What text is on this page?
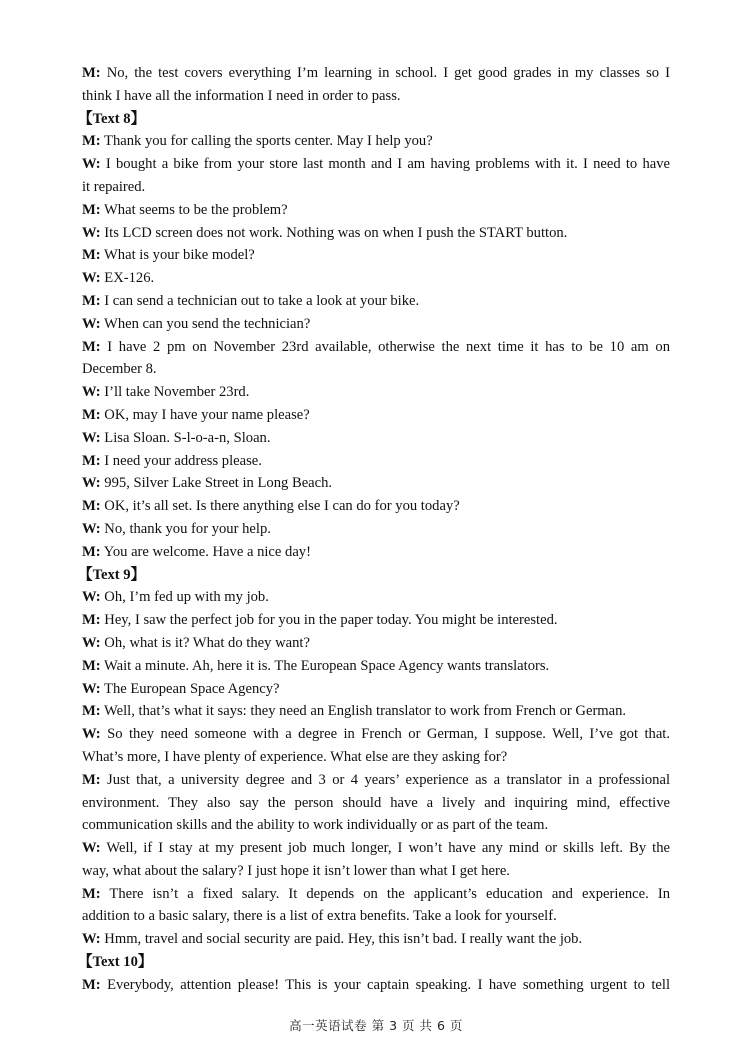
M: No, the test covers everything I’m learning in school. I get good grades in my classes so I
think I have all the information I need in order to pass.
【Text 8】
M: Thank you for calling the sports center. May I help you?
W: I bought a bike from your store last month and I am having problems with it. I need to have
it repaired.
M: What seems to be the problem?
W: Its LCD screen does not work. Nothing was on when I push the START button.
M: What is your bike model?
W: EX-126.
M: I can send a technician out to take a look at your bike.
W: When can you send the technician?
M: I have 2 pm on November 23rd available, otherwise the next time it has to be 10 am on
December 8.
W: I’ll take November 23rd.
M: OK, may I have your name please?
W: Lisa Sloan. S-l-o-a-n, Sloan.
M: I need your address please.
W: 995, Silver Lake Street in Long Beach.
M: OK, it’s all set. Is there anything else I can do for you today?
W: No, thank you for your help.
M: You are welcome. Have a nice day!
【Text 9】
W: Oh, I’m fed up with my job.
M: Hey, I saw the perfect job for you in the paper today. You might be interested.
W: Oh, what is it? What do they want?
M: Wait a minute. Ah, here it is. The European Space Agency wants translators.
W: The European Space Agency?
M: Well, that’s what it says: they need an English translator to work from French or German.
W: So they need someone with a degree in French or German, I suppose. Well, I’ve got that.
What’s more, I have plenty of experience. What else are they asking for?
M: Just that, a university degree and 3 or 4 years’ experience as a translator in a professional
environment. They also say the person should have a lively and inquiring mind, effective
communication skills and the ability to work individually or as part of the team.
W: Well, if I stay at my present job much longer, I won’t have any mind or skills left. By the
way, what about the salary? I just hope it isn’t lower than what I get here.
M: There isn’t a fixed salary. It depends on the applicant’s education and experience. In
addition to a basic salary, there is a list of extra benefits. Take a look for yourself.
W: Hmm, travel and social security are paid. Hey, this isn’t bad. I really want the job.
【Text 10】
M: Everybody, attention please! This is your captain speaking. I have something urgent to tell
高一英语试卷 第 3 页 共 6 页
